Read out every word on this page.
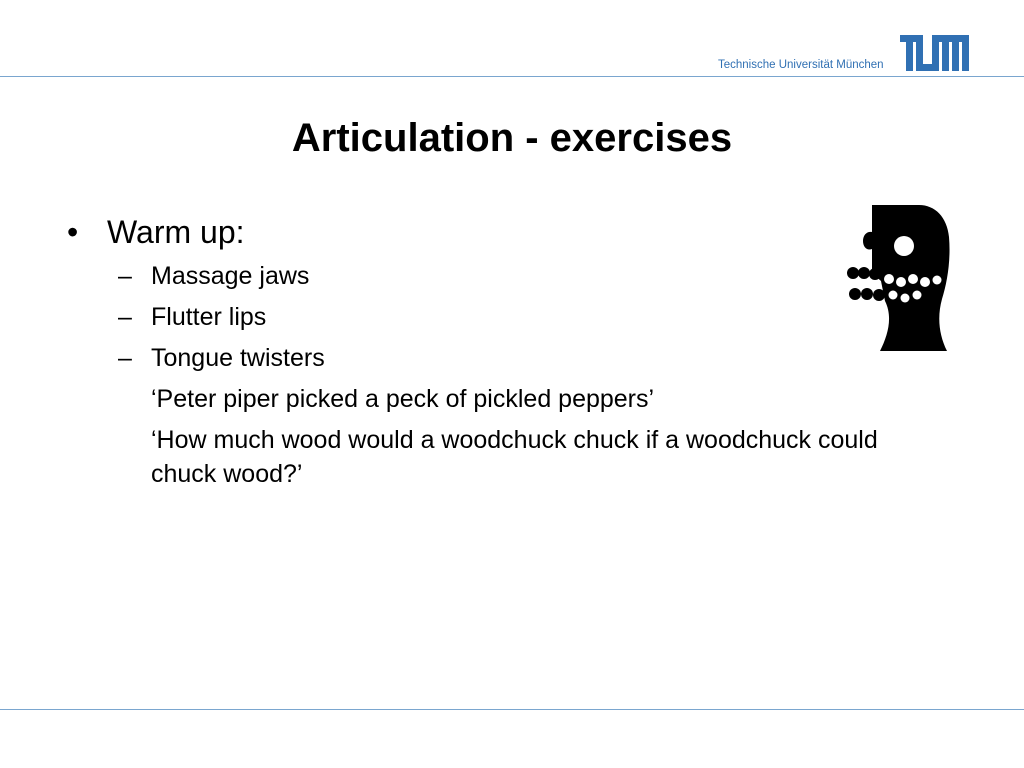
Technische Universität München
Articulation - exercises
• Warm up:
– Massage jaws
– Flutter lips
– Tongue twisters
‘Peter piper picked a peck of pickled peppers’
‘How much wood would a woodchuck chuck if a woodchuck could chuck wood?’
